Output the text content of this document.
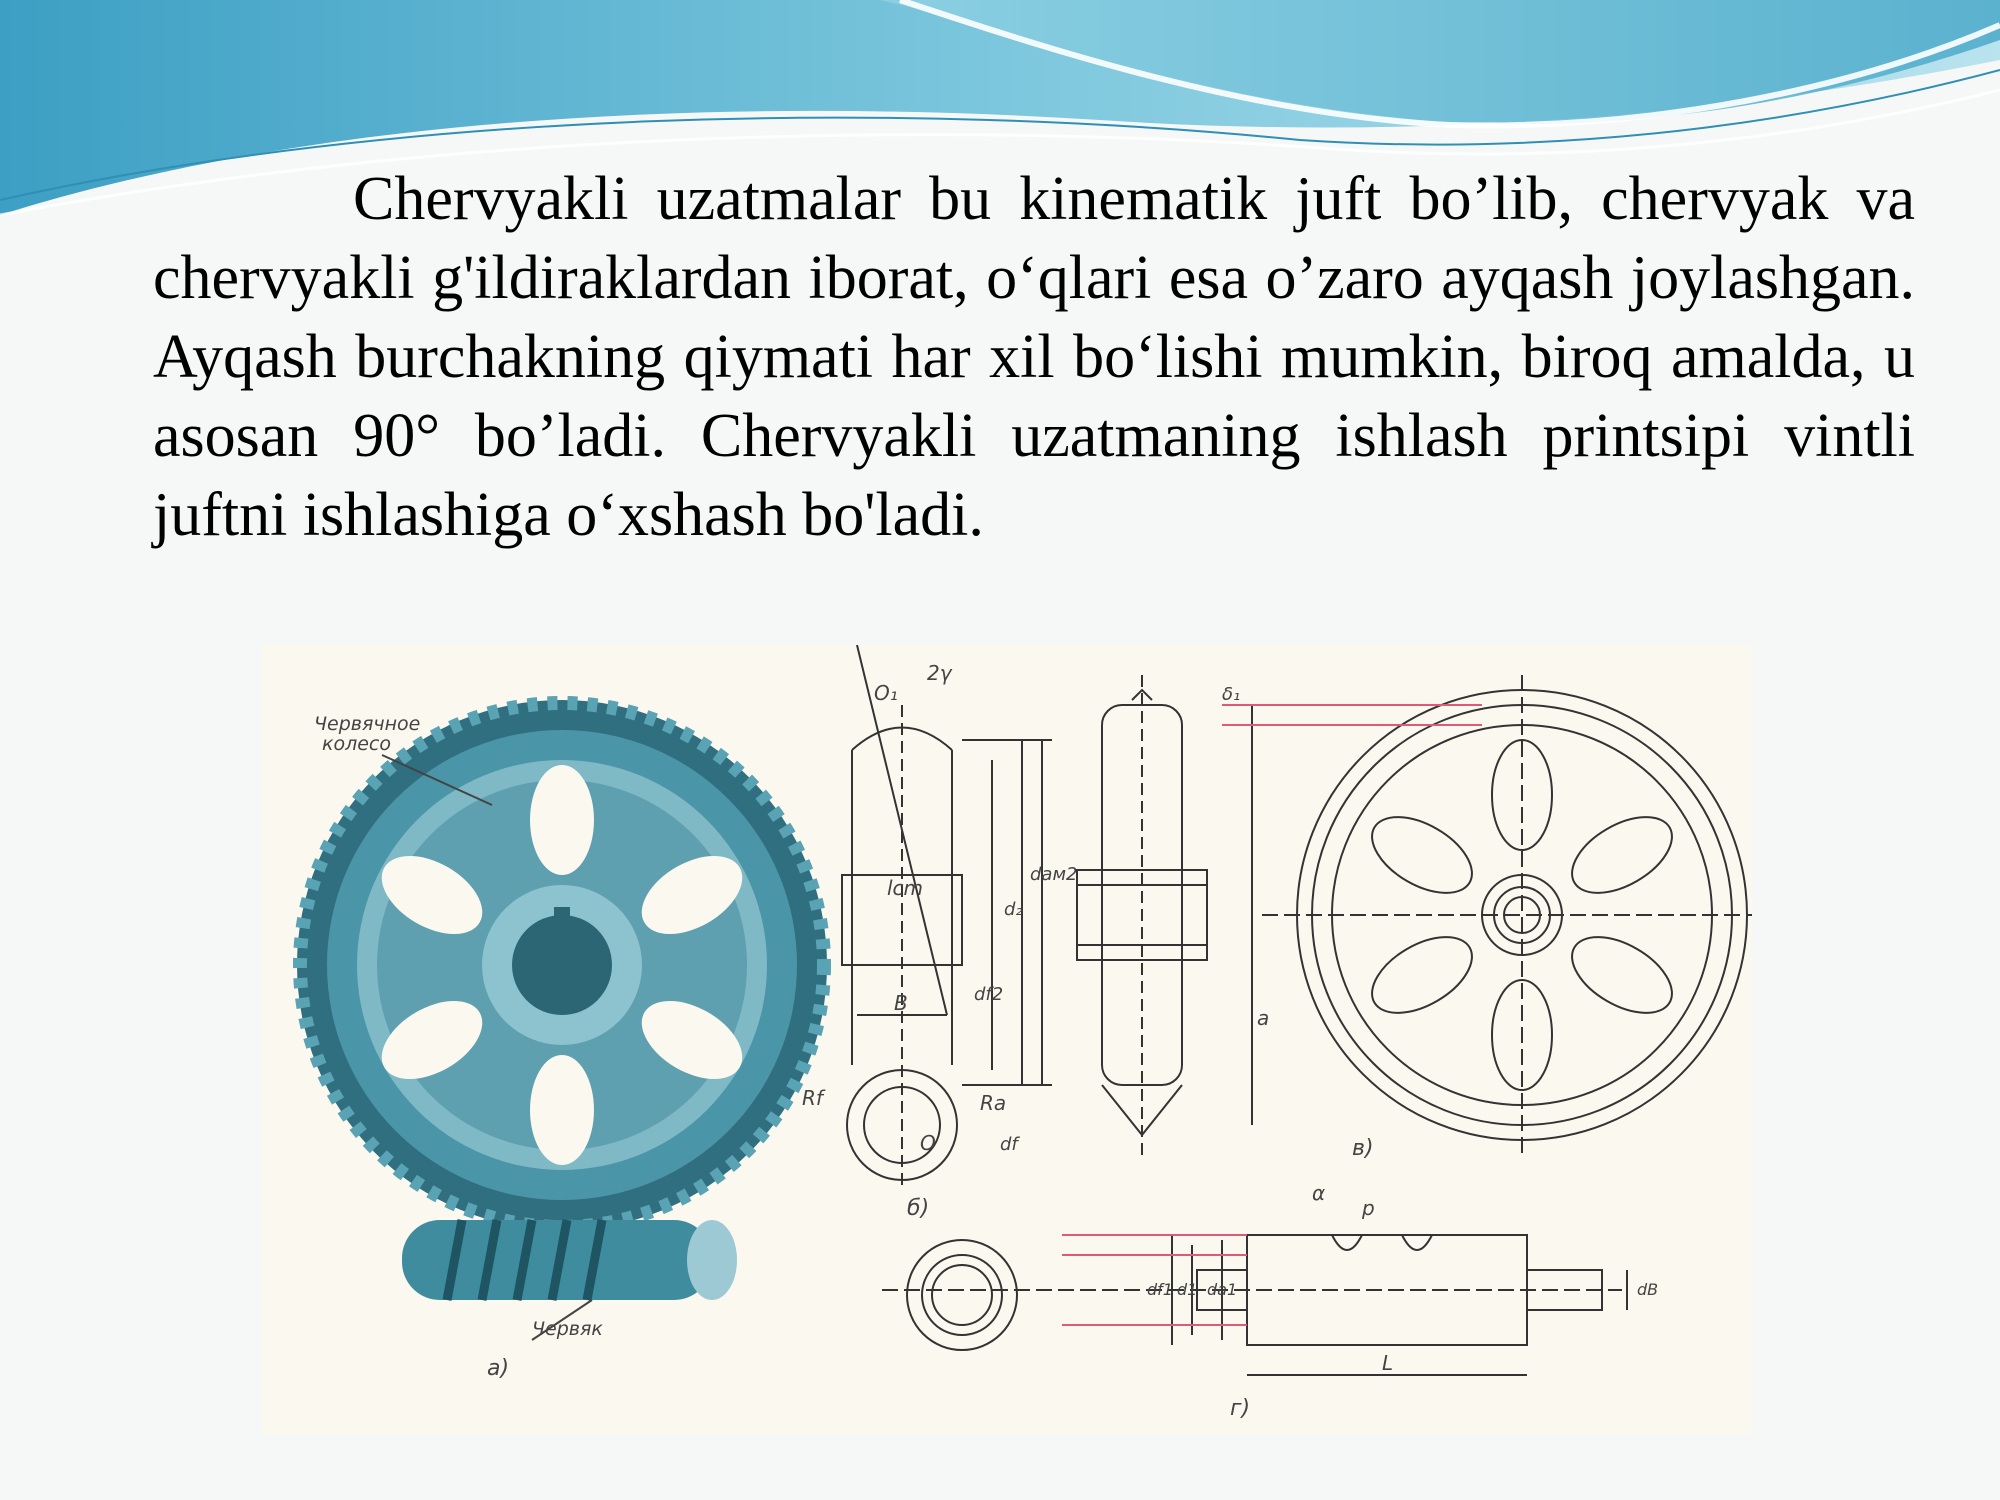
Chervyakli uzatmalar bu kinematik juft bo’lib, chervyak va chervyakli g'ildiraklardan iborat, o‘qlari esa o’zaro ayqash joylashgan. Ayqash burchakning qiymati har xil bo‘lishi mumkin, biroq amalda, u asosan 90° bo’ladi. Chervyakli uzatmaning ishlash printsipi vintli juftni ishlashiga o‘xshash bo'ladi.
Червячное
колесо
Червяк
а)
O₁
2γ
lcm
d₂
daм2
df2
B
Rf	Ra
O	df
б)
δ₁
a
в)
α
p
df1 d1 da1	dB
L
г)
